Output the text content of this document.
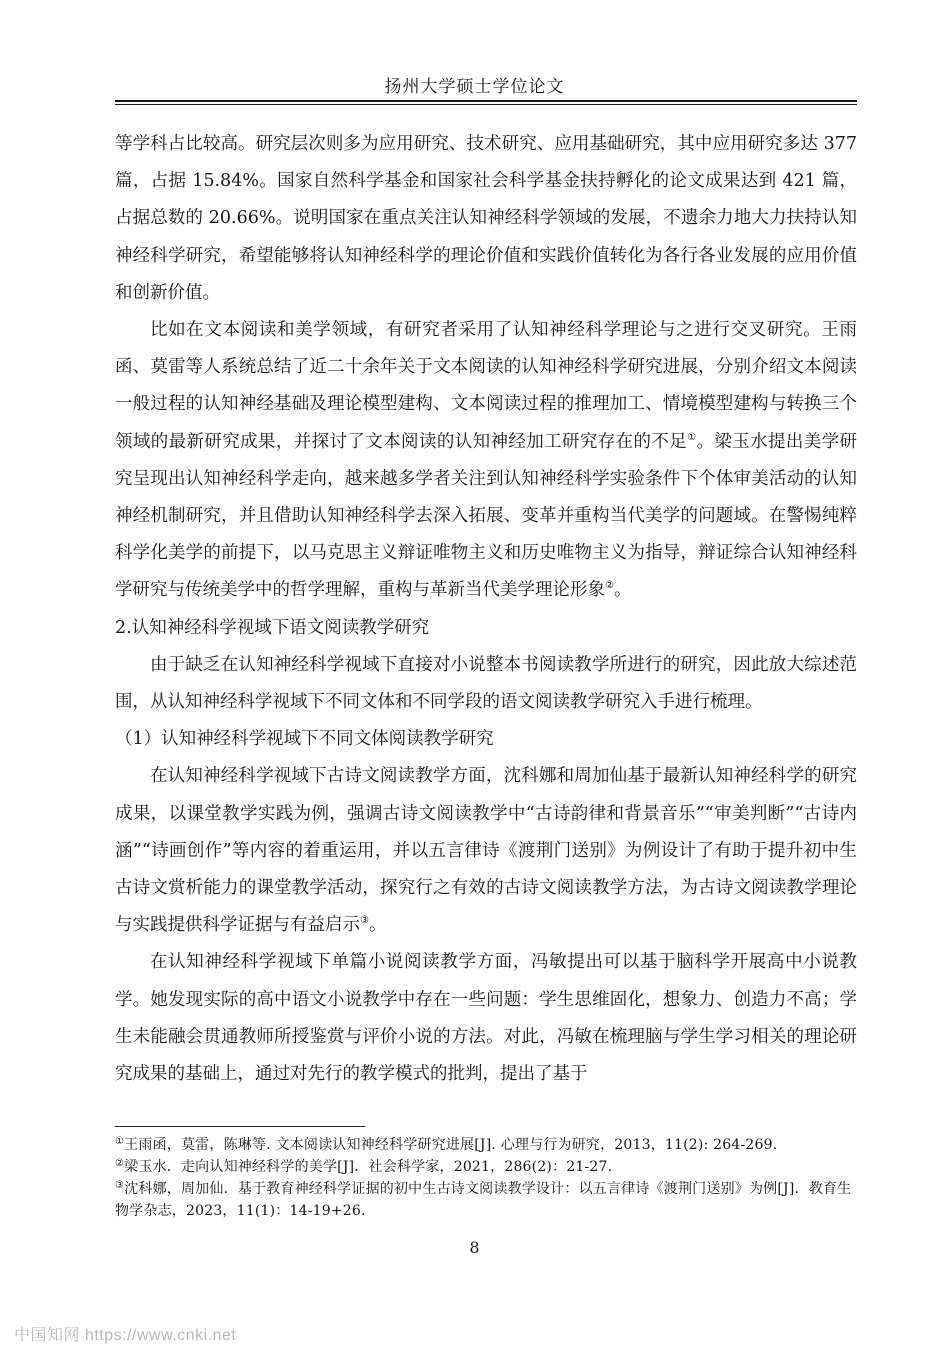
扬州大学硕士学位论文

等学科占比较高。研究层次则多为应用研究、技术研究、应用基础研究，其中应用研究多达 377 篇，占据 15.84%。国家自然科学基金和国家社会科学基金扶持孵化的论文成果达到 421 篇，占据总数的 20.66%。说明国家在重点关注认知神经科学领域的发展，不遗余力地大力扶持认知神经科学研究，希望能够将认知神经科学的理论价值和实践价值转化为各行各业发展的应用价值和创新价值。

比如在文本阅读和美学领域，有研究者采用了认知神经科学理论与之进行交叉研究。王雨函、莫雷等人系统总结了近二十余年关于文本阅读的认知神经科学研究进展，分别介绍文本阅读一般过程的认知神经基础及理论模型建构、文本阅读过程的推理加工、情境模型建构与转换三个领域的最新研究成果，并探讨了文本阅读的认知神经加工研究存在的不足①。梁玉水提出美学研究呈现出认知神经科学走向，越来越多学者关注到认知神经科学实验条件下个体审美活动的认知神经机制研究，并且借助认知神经科学去深入拓展、变革并重构当代美学的问题域。在警惕纯粹科学化美学的前提下，以马克思主义辩证唯物主义和历史唯物主义为指导，辩证综合认知神经科学研究与传统美学中的哲学理解，重构与革新当代美学理论形象②。

2.认知神经科学视域下语文阅读教学研究

由于缺乏在认知神经科学视域下直接对小说整本书阅读教学所进行的研究，因此放大综述范围，从认知神经科学视域下不同文体和不同学段的语文阅读教学研究入手进行梳理。

（1）认知神经科学视域下不同文体阅读教学研究

在认知神经科学视域下古诗文阅读教学方面，沈科娜和周加仙基于最新认知神经科学的研究成果，以课堂教学实践为例，强调古诗文阅读教学中“古诗韵律和背景音乐”“审美判断”“古诗内涵”“诗画创作”等内容的着重运用，并以五言律诗《渡荆门送别》为例设计了有助于提升初中生古诗文赏析能力的课堂教学活动，探究行之有效的古诗文阅读教学方法，为古诗文阅读教学理论与实践提供科学证据与有益启示③。

在认知神经科学视域下单篇小说阅读教学方面，冯敏提出可以基于脑科学开展高中小说教学。她发现实际的高中语文小说教学中存在一些问题：学生思维固化，想象力、创造力不高；学生未能融会贯通教师所授鉴赏与评价小说的方法。对此，冯敏在梳理脑与学生学习相关的理论研究成果的基础上，通过对先行的教学模式的批判，提出了基于

①王雨函，莫雷，陈琳等. 文本阅读认知神经科学研究进展[J]. 心理与行为研究，2013，11(2): 264-269.

②梁玉水．走向认知神经科学的美学[J]．社会科学家，2021，286(2)：21-27.

③沈科娜，周加仙．基于教育神经科学证据的初中生古诗文阅读教学设计：以五言律诗《渡荆门送别》为例[J]．教育生物学杂志，2023，11(1)：14-19+26.

8
中国知网 https://www.cnki.net
